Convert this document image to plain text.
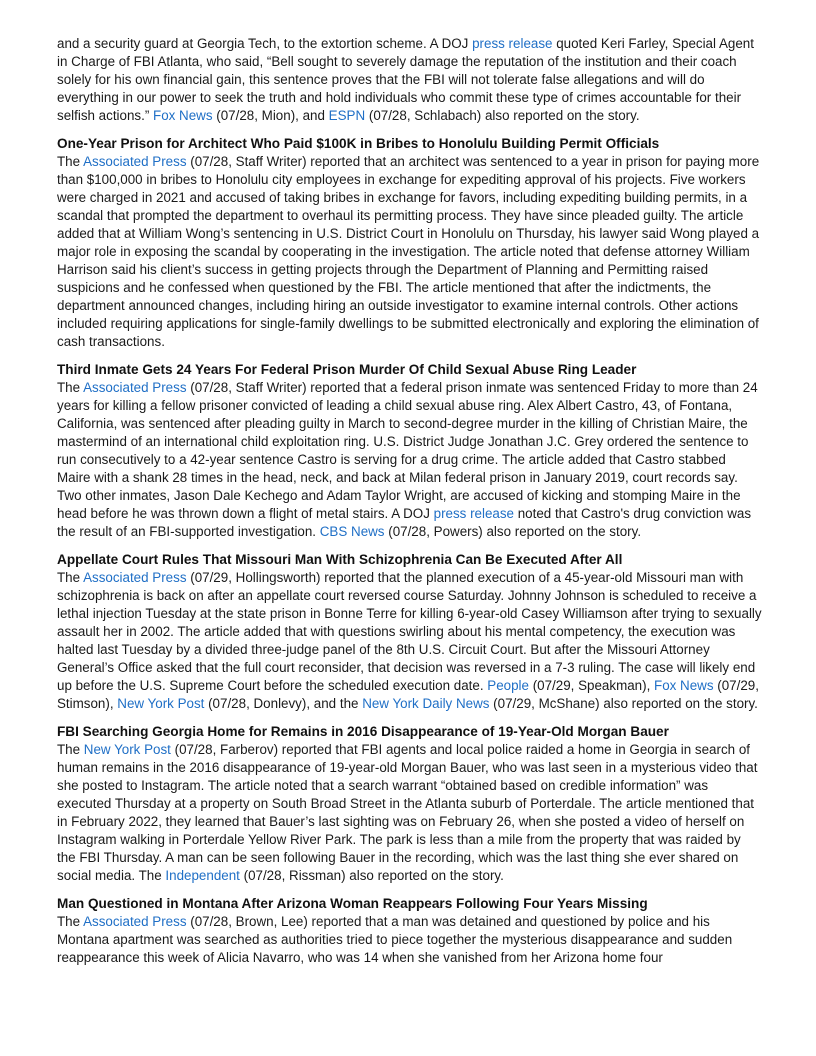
and a security guard at Georgia Tech, to the extortion scheme. A DOJ press release quoted Keri Farley, Special Agent in Charge of FBI Atlanta, who said, “Bell sought to severely damage the reputation of the institution and their coach solely for his own financial gain, this sentence proves that the FBI will not tolerate false allegations and will do everything in our power to seek the truth and hold individuals who commit these type of crimes accountable for their selfish actions.” Fox News (07/28, Mion), and ESPN (07/28, Schlabach) also reported on the story.

One-Year Prison for Architect Who Paid $100K in Bribes to Honolulu Building Permit Officials

The Associated Press (07/28, Staff Writer) reported that an architect was sentenced to a year in prison for paying more than $100,000 in bribes to Honolulu city employees in exchange for expediting approval of his projects. Five workers were charged in 2021 and accused of taking bribes in exchange for favors, including expediting building permits, in a scandal that prompted the department to overhaul its permitting process. They have since pleaded guilty. The article added that at William Wong’s sentencing in U.S. District Court in Honolulu on Thursday, his lawyer said Wong played a major role in exposing the scandal by cooperating in the investigation. The article noted that defense attorney William Harrison said his client’s success in getting projects through the Department of Planning and Permitting raised suspicions and he confessed when questioned by the FBI. The article mentioned that after the indictments, the department announced changes, including hiring an outside investigator to examine internal controls. Other actions included requiring applications for single-family dwellings to be submitted electronically and exploring the elimination of cash transactions.

Third Inmate Gets 24 Years For Federal Prison Murder Of Child Sexual Abuse Ring Leader

The Associated Press (07/28, Staff Writer) reported that a federal prison inmate was sentenced Friday to more than 24 years for killing a fellow prisoner convicted of leading a child sexual abuse ring. Alex Albert Castro, 43, of Fontana, California, was sentenced after pleading guilty in March to second-degree murder in the killing of Christian Maire, the mastermind of an international child exploitation ring. U.S. District Judge Jonathan J.C. Grey ordered the sentence to run consecutively to a 42-year sentence Castro is serving for a drug crime. The article added that Castro stabbed Maire with a shank 28 times in the head, neck, and back at Milan federal prison in January 2019, court records say. Two other inmates, Jason Dale Kechego and Adam Taylor Wright, are accused of kicking and stomping Maire in the head before he was thrown down a flight of metal stairs. A DOJ press release noted that Castro's drug conviction was the result of an FBI-supported investigation. CBS News (07/28, Powers) also reported on the story.

Appellate Court Rules That Missouri Man With Schizophrenia Can Be Executed After All

The Associated Press (07/29, Hollingsworth) reported that the planned execution of a 45-year-old Missouri man with schizophrenia is back on after an appellate court reversed course Saturday. Johnny Johnson is scheduled to receive a lethal injection Tuesday at the state prison in Bonne Terre for killing 6-year-old Casey Williamson after trying to sexually assault her in 2002. The article added that with questions swirling about his mental competency, the execution was halted last Tuesday by a divided three-judge panel of the 8th U.S. Circuit Court. But after the Missouri Attorney General’s Office asked that the full court reconsider, that decision was reversed in a 7-3 ruling. The case will likely end up before the U.S. Supreme Court before the scheduled execution date. People (07/29, Speakman), Fox News (07/29, Stimson), New York Post (07/28, Donlevy), and the New York Daily News (07/29, McShane) also reported on the story.

FBI Searching Georgia Home for Remains in 2016 Disappearance of 19-Year-Old Morgan Bauer

The New York Post (07/28, Farberov) reported that FBI agents and local police raided a home in Georgia in search of human remains in the 2016 disappearance of 19-year-old Morgan Bauer, who was last seen in a mysterious video that she posted to Instagram. The article noted that a search warrant “obtained based on credible information” was executed Thursday at a property on South Broad Street in the Atlanta suburb of Porterdale. The article mentioned that in February 2022, they learned that Bauer’s last sighting was on February 26, when she posted a video of herself on Instagram walking in Porterdale Yellow River Park. The park is less than a mile from the property that was raided by the FBI Thursday. A man can be seen following Bauer in the recording, which was the last thing she ever shared on social media. The Independent (07/28, Rissman) also reported on the story.

Man Questioned in Montana After Arizona Woman Reappears Following Four Years Missing

The Associated Press (07/28, Brown, Lee) reported that a man was detained and questioned by police and his Montana apartment was searched as authorities tried to piece together the mysterious disappearance and sudden reappearance this week of Alicia Navarro, who was 14 when she vanished from her Arizona home four
